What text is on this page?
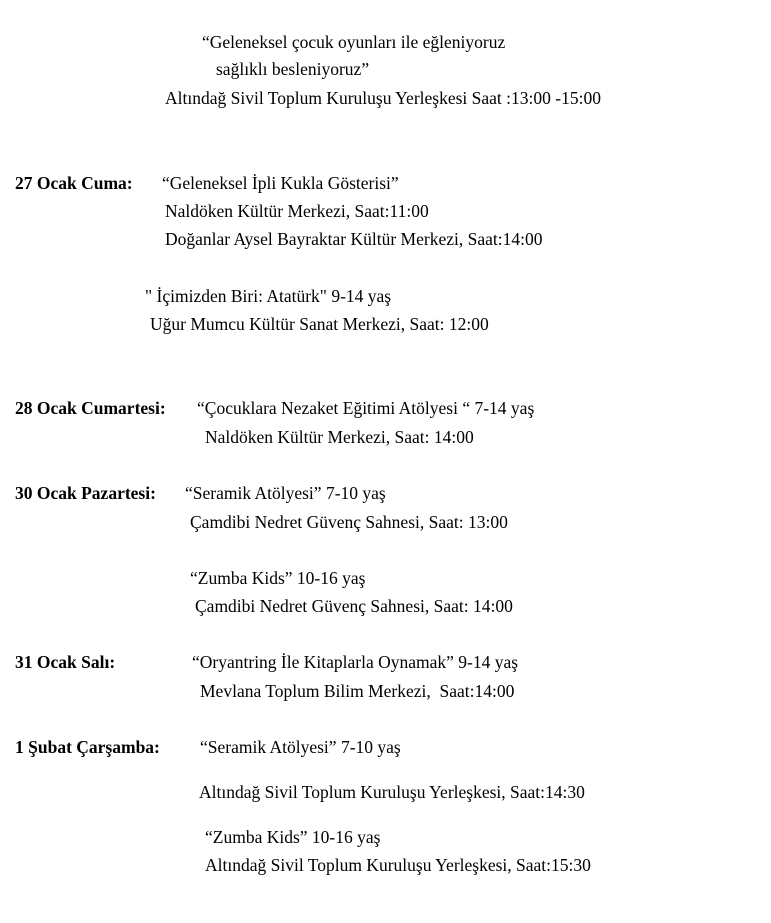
“Geleneksel çocuk oyunları ile eğleniyoruz
sağlıklı besleniyoruz”
Altındağ Sivil Toplum Kuruluşu Yerleşkesi Saat :13:00 -15:00
27 Ocak Cuma: “Geleneksel İpli Kukla Gösterisi”
Naldöken Kültür Merkezi, Saat:11:00
Doğanlar Aysel Bayraktar Kültür Merkezi, Saat:14:00
" İçimizden Biri: Atatürk" 9-14 yaş
Uğur Mumcu Kültür Sanat Merkezi, Saat: 12:00
28 Ocak Cumartesi: “Çocuklara Nezaket Eğitimi Atölyesi “ 7-14 yaş
Naldöken Kültür Merkezi, Saat: 14:00
30 Ocak Pazartesi: “Seramik Atölyesi” 7-10 yaş
Çamdibi Nedret Güvenç Sahnesi, Saat: 13:00
“Zumba Kids” 10-16 yaş
Çamdibi Nedret Güvenç Sahnesi, Saat: 14:00
31 Ocak Salı:	“Oryantring İle Kitaplarla Oynamak” 9-14 yaş
Mevlana Toplum Bilim Merkezi,  Saat:14:00
1 Şubat Çarşamba: “Seramik Atölyesi” 7-10 yaş
Altındağ Sivil Toplum Kuruluşu Yerleşkesi, Saat:14:30
“Zumba Kids” 10-16 yaş
Altındağ Sivil Toplum Kuruluşu Yerleşkesi, Saat:15:30
